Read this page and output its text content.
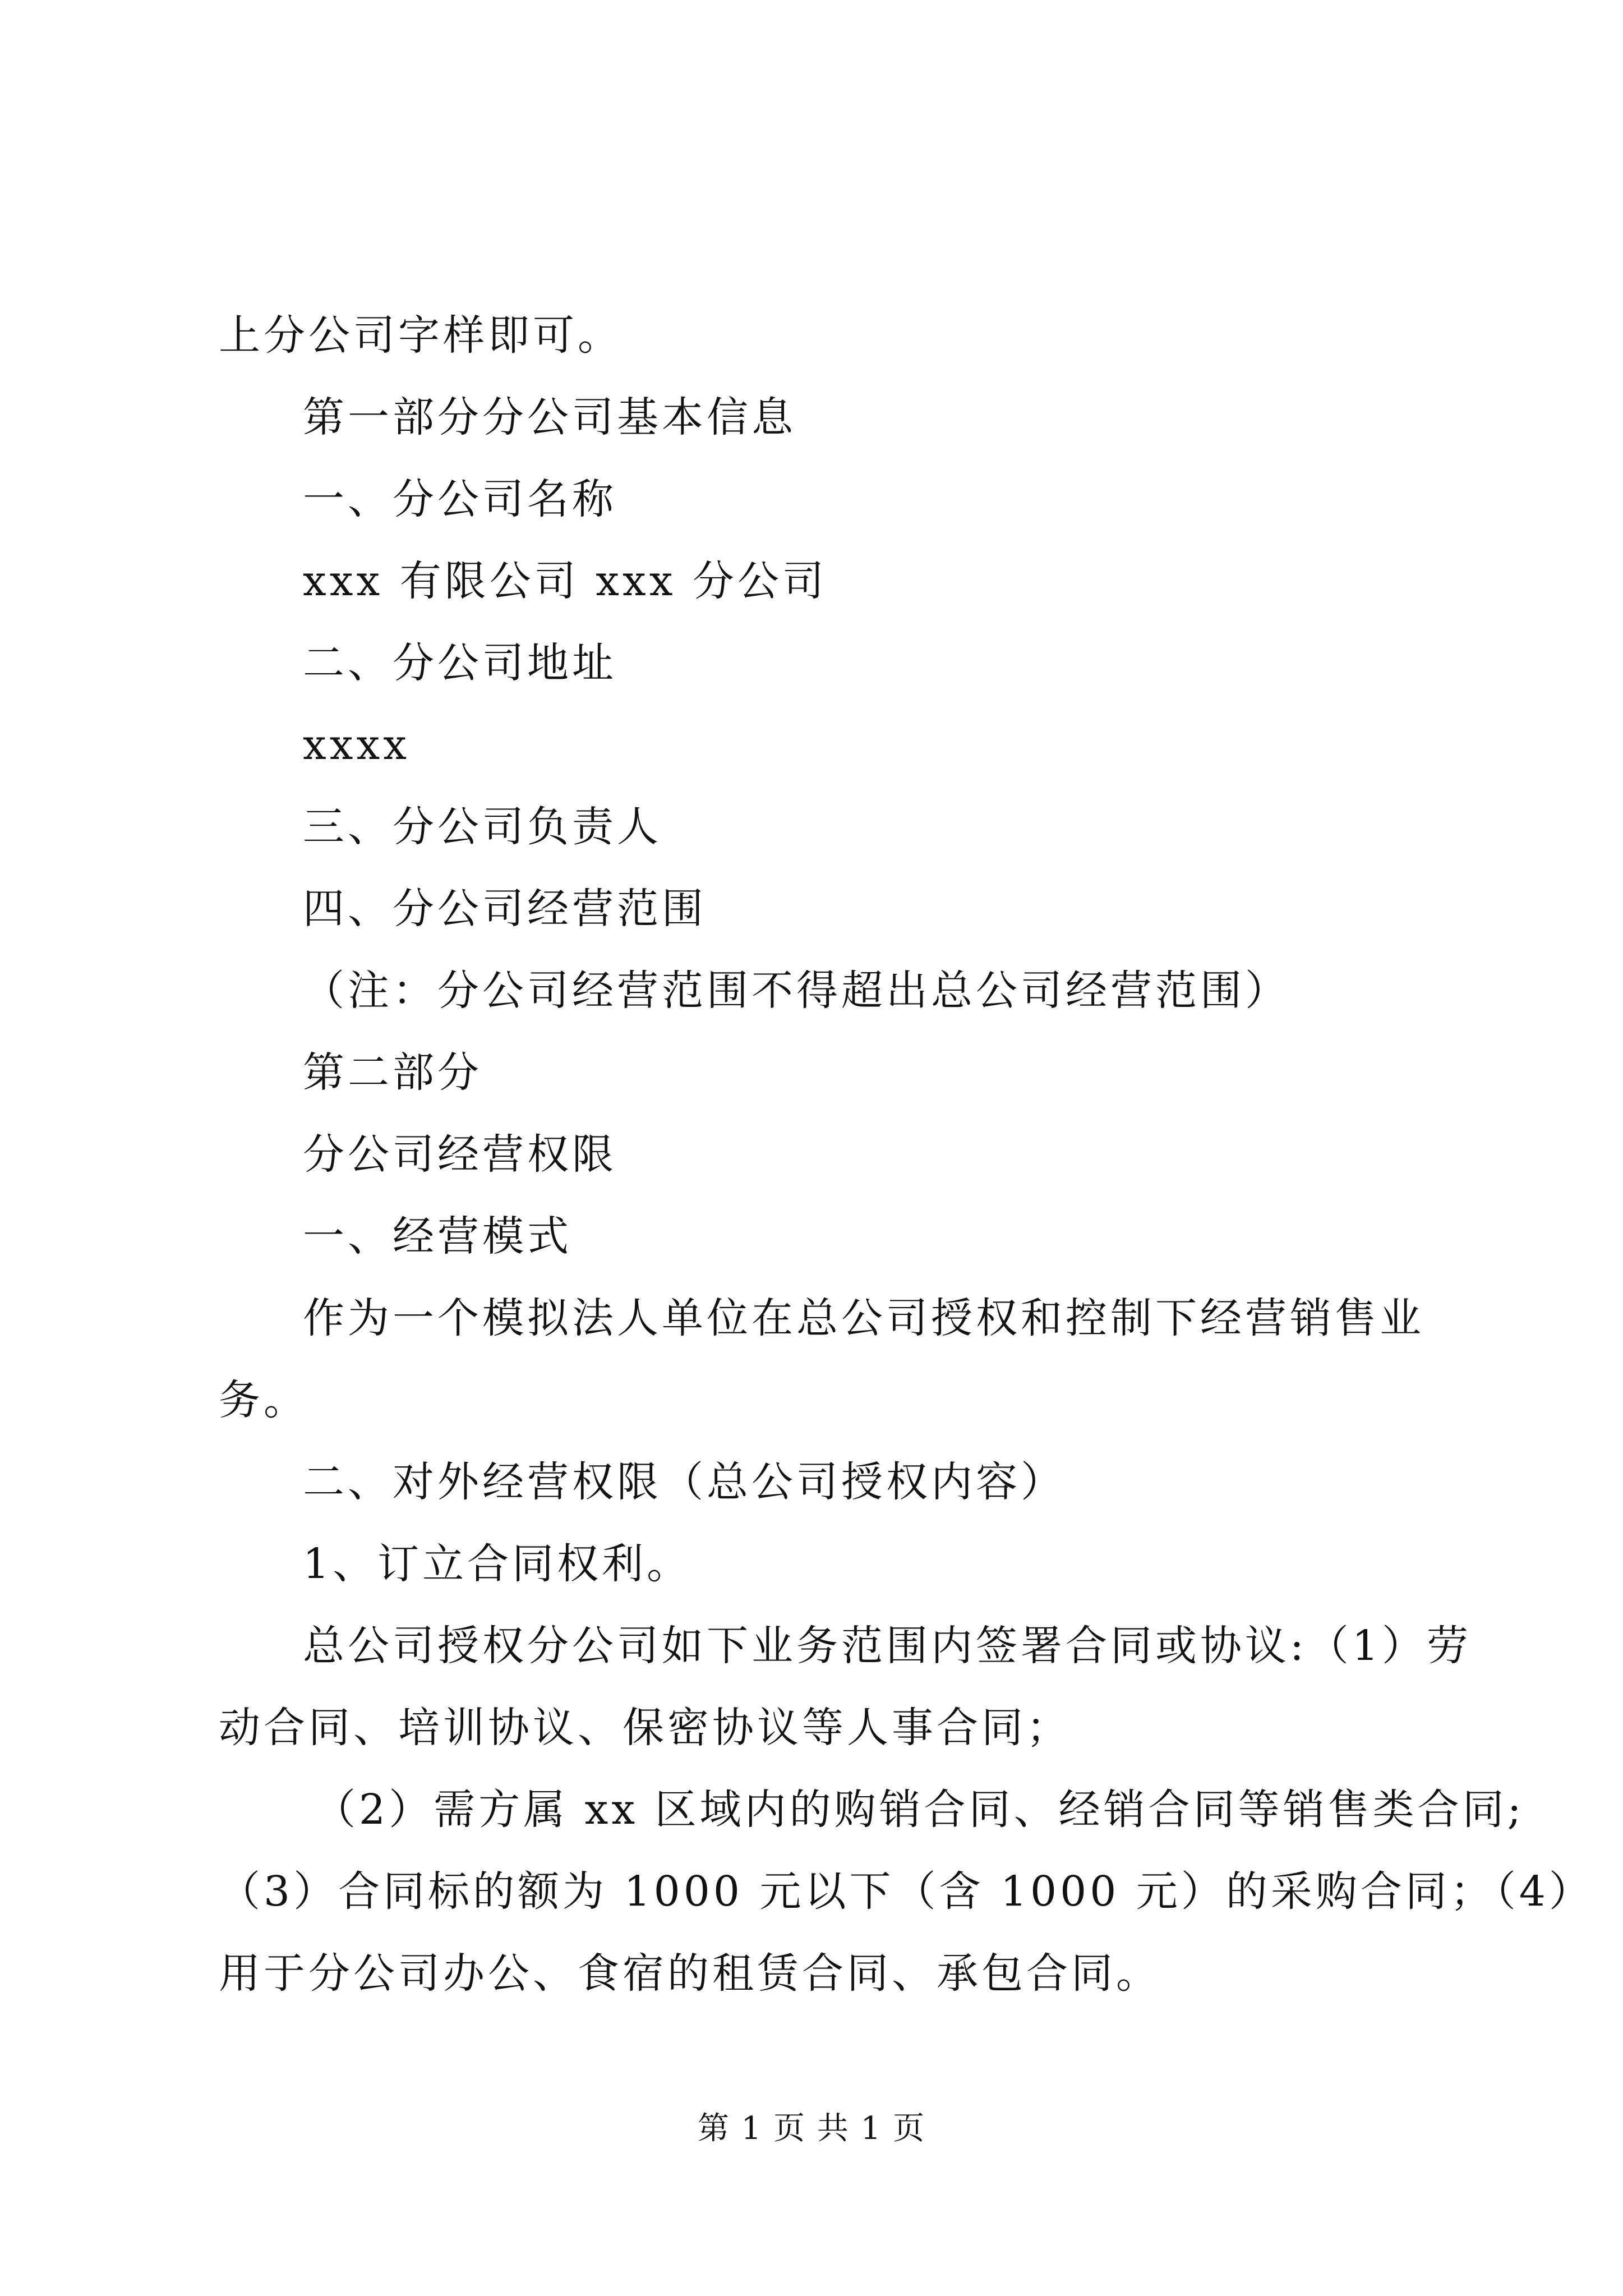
上分公司字样即可。
第一部分分公司基本信息
一、分公司名称
xxx 有限公司 xxx 分公司
二、分公司地址
xxxx
三、分公司负责人
四、分公司经营范围
（注：分公司经营范围不得超出总公司经营范围）
第二部分
分公司经营权限
一、经营模式
作为一个模拟法人单位在总公司授权和控制下经营销售业
务。
二、对外经营权限（总公司授权内容）
1、订立合同权利。
总公司授权分公司如下业务范围内签署合同或协议:（1）劳
动合同、培训协议、保密协议等人事合同；
（2）需方属 xx 区域内的购销合同、经销合同等销售类合同;
（3）合同标的额为 1000 元以下（含 1000 元）的采购合同；（4）
用于分公司办公、食宿的租赁合同、承包合同。
第 1 页 共 1 页
